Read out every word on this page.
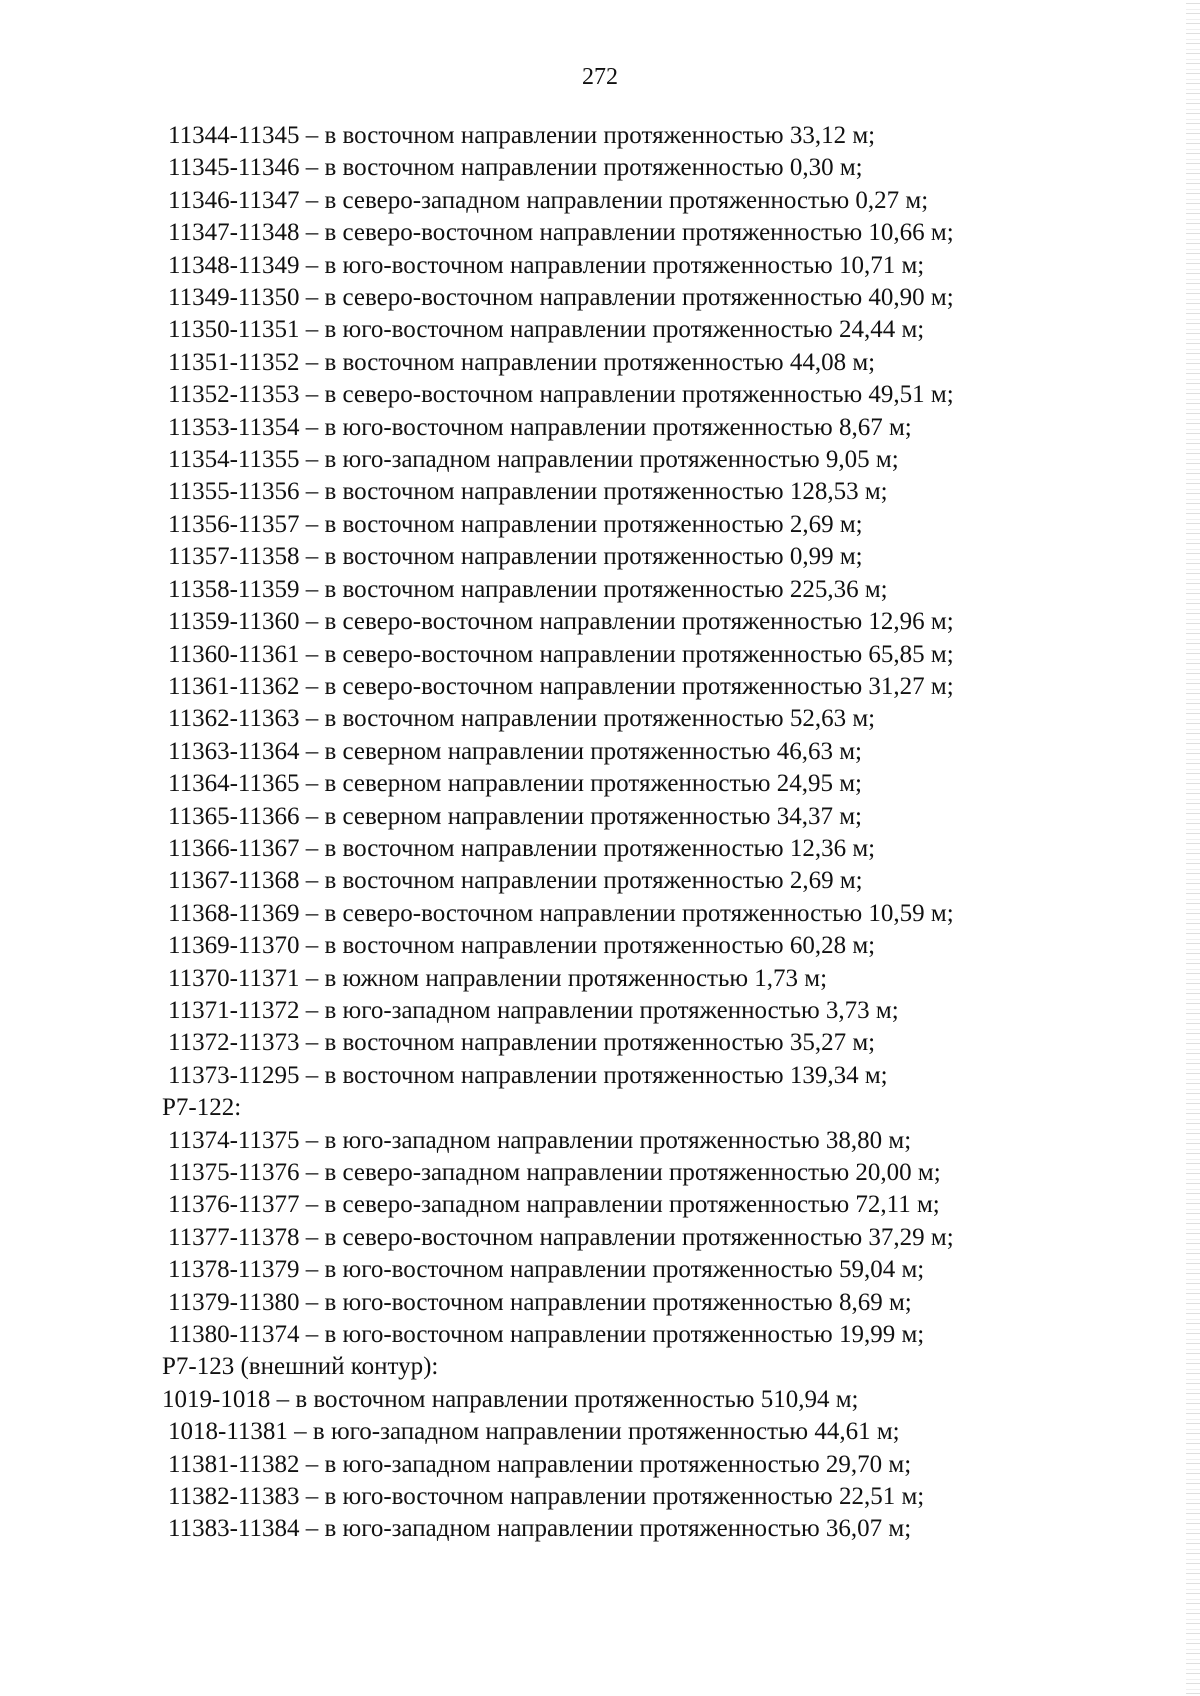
272
11344-11345 – в восточном направлении протяженностью 33,12 м;
11345-11346 – в восточном направлении протяженностью 0,30 м;
11346-11347 – в северо-западном направлении протяженностью 0,27 м;
11347-11348 – в северо-восточном направлении протяженностью 10,66 м;
11348-11349 – в юго-восточном направлении протяженностью 10,71 м;
11349-11350 – в северо-восточном направлении протяженностью 40,90 м;
11350-11351 – в юго-восточном направлении протяженностью 24,44 м;
11351-11352 – в восточном направлении протяженностью 44,08 м;
11352-11353 – в северо-восточном направлении протяженностью 49,51 м;
11353-11354 – в юго-восточном направлении протяженностью 8,67 м;
11354-11355 – в юго-западном направлении протяженностью 9,05 м;
11355-11356 – в восточном направлении протяженностью 128,53 м;
11356-11357 – в восточном направлении протяженностью 2,69 м;
11357-11358 – в восточном направлении протяженностью 0,99 м;
11358-11359 – в восточном направлении протяженностью 225,36 м;
11359-11360 – в северо-восточном направлении протяженностью 12,96 м;
11360-11361 – в северо-восточном направлении протяженностью 65,85 м;
11361-11362 – в северо-восточном направлении протяженностью 31,27 м;
11362-11363 – в восточном направлении протяженностью 52,63 м;
11363-11364 – в северном направлении протяженностью 46,63 м;
11364-11365 – в северном направлении протяженностью 24,95 м;
11365-11366 – в северном направлении протяженностью 34,37 м;
11366-11367 – в восточном направлении протяженностью 12,36 м;
11367-11368 – в восточном направлении протяженностью 2,69 м;
11368-11369 – в северо-восточном направлении протяженностью 10,59 м;
11369-11370 – в восточном направлении протяженностью 60,28 м;
11370-11371 – в южном направлении протяженностью 1,73 м;
11371-11372 – в юго-западном направлении протяженностью 3,73 м;
11372-11373 – в восточном направлении протяженностью 35,27 м;
11373-11295 – в восточном направлении протяженностью 139,34 м;
Р7-122:
11374-11375 – в юго-западном направлении протяженностью 38,80 м;
11375-11376 – в северо-западном направлении протяженностью 20,00 м;
11376-11377 – в северо-западном направлении протяженностью 72,11 м;
11377-11378 – в северо-восточном направлении протяженностью 37,29 м;
11378-11379 – в юго-восточном направлении протяженностью 59,04 м;
11379-11380 – в юго-восточном направлении протяженностью 8,69 м;
11380-11374 – в юго-восточном направлении протяженностью 19,99 м;
Р7-123 (внешний контур):
1019-1018 – в восточном направлении протяженностью 510,94 м;
1018-11381 – в юго-западном направлении протяженностью 44,61 м;
11381-11382 – в юго-западном направлении протяженностью 29,70 м;
11382-11383 – в юго-восточном направлении протяженностью 22,51 м;
11383-11384 – в юго-западном направлении протяженностью 36,07 м;
